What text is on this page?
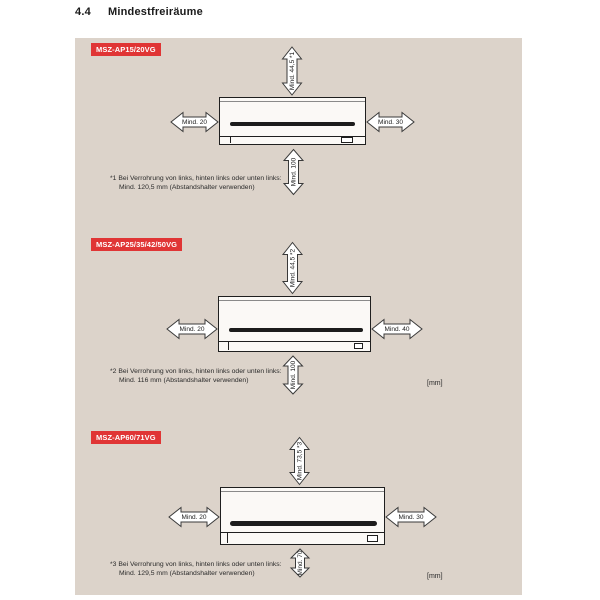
4.4 Mindestfreiräume
MSZ-AP15/20VG
Mind. 44,5 *1
Mind. 20	Mind. 30
Mind. 100
*1 Bei Verrohrung von links, hinten links oder unten links:
Mind. 120,5 mm (Abstandshalter verwenden)
MSZ-AP25/35/42/50VG
Mind. 44,5 *2
Mind. 20	Mind. 40
Mind. 100
*2 Bei Verrohrung von links, hinten links oder unten links:
Mind. 116 mm (Abstandshalter verwenden)	[mm]
MSZ-AP60/71VG
Mind. 73,5 *3
Mind. 20	Mind. 30
Mind. 70
*3 Bei Verrohrung von links, hinten links oder unten links:
Mind. 129,5 mm (Abstandshalter verwenden)	[mm]
